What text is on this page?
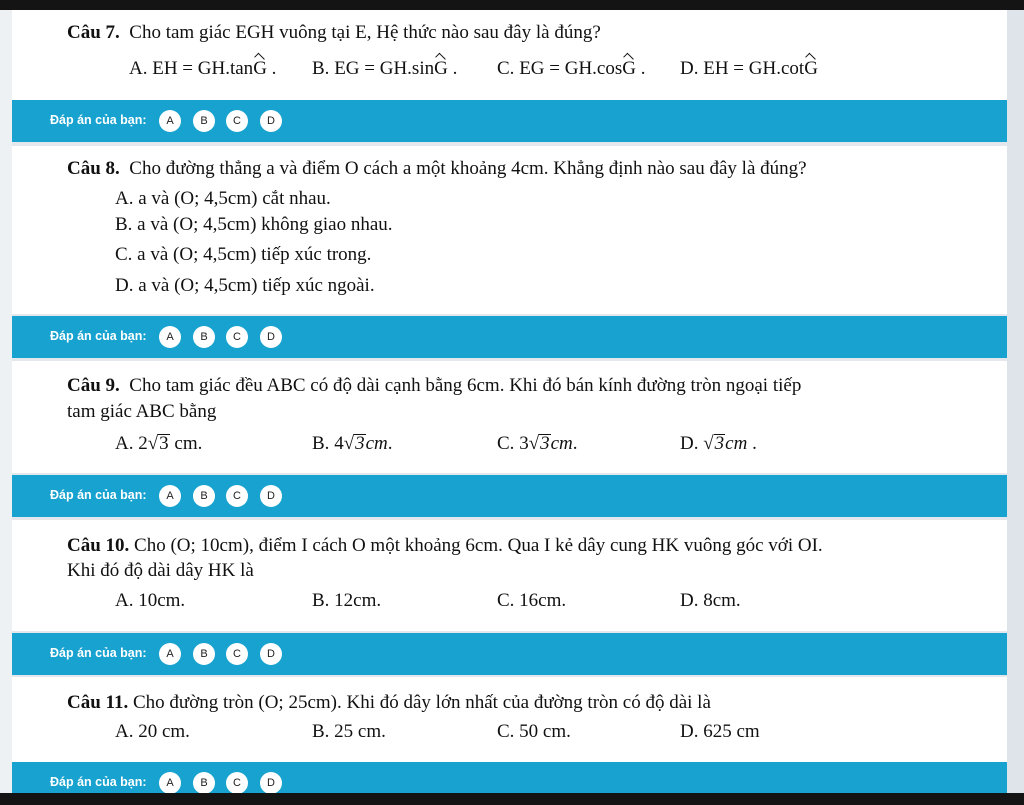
Câu 7. Cho tam giác EGH vuông tại E, Hệ thức nào sau đây là đúng?
A. EH = GH.tanG . B. EG = GH.sinG . C. EG = GH.cosG . D. EH = GH.cotG
Đáp án của bạn:	A	B	C	D
Câu 8. Cho đường thẳng a và điểm O cách a một khoảng 4cm. Khẳng định nào sau đây là đúng?
A. a và (O; 4,5cm) cắt nhau.
B. a và (O; 4,5cm) không giao nhau.
C. a và (O; 4,5cm) tiếp xúc trong.
D. a và (O; 4,5cm) tiếp xúc ngoài.
Đáp án của bạn:	A	B	C	D
Câu 9. Cho tam giác đều ABC có độ dài cạnh bằng 6cm. Khi đó bán kính đường tròn ngoại tiếp
tam giác ABC bằng
A. 2√3 cm.	B. 4√3cm.	C. 3√3cm.	D. √3cm .
Đáp án của bạn:	A	B	C	D
Câu 10. Cho (O; 10cm), điểm I cách O một khoảng 6cm. Qua I kẻ dây cung HK vuông góc với OI.
Khi đó độ dài dây HK là
A. 10cm.	B. 12cm.	C. 16cm.	D. 8cm.
Đáp án của bạn:	A	B	C	D
Câu 11. Cho đường tròn (O; 25cm). Khi đó dây lớn nhất của đường tròn có độ dài là
A. 20 cm.	B. 25 cm.	C. 50 cm.	D. 625 cm
Đáp án của bạn:	A	B	C	D
